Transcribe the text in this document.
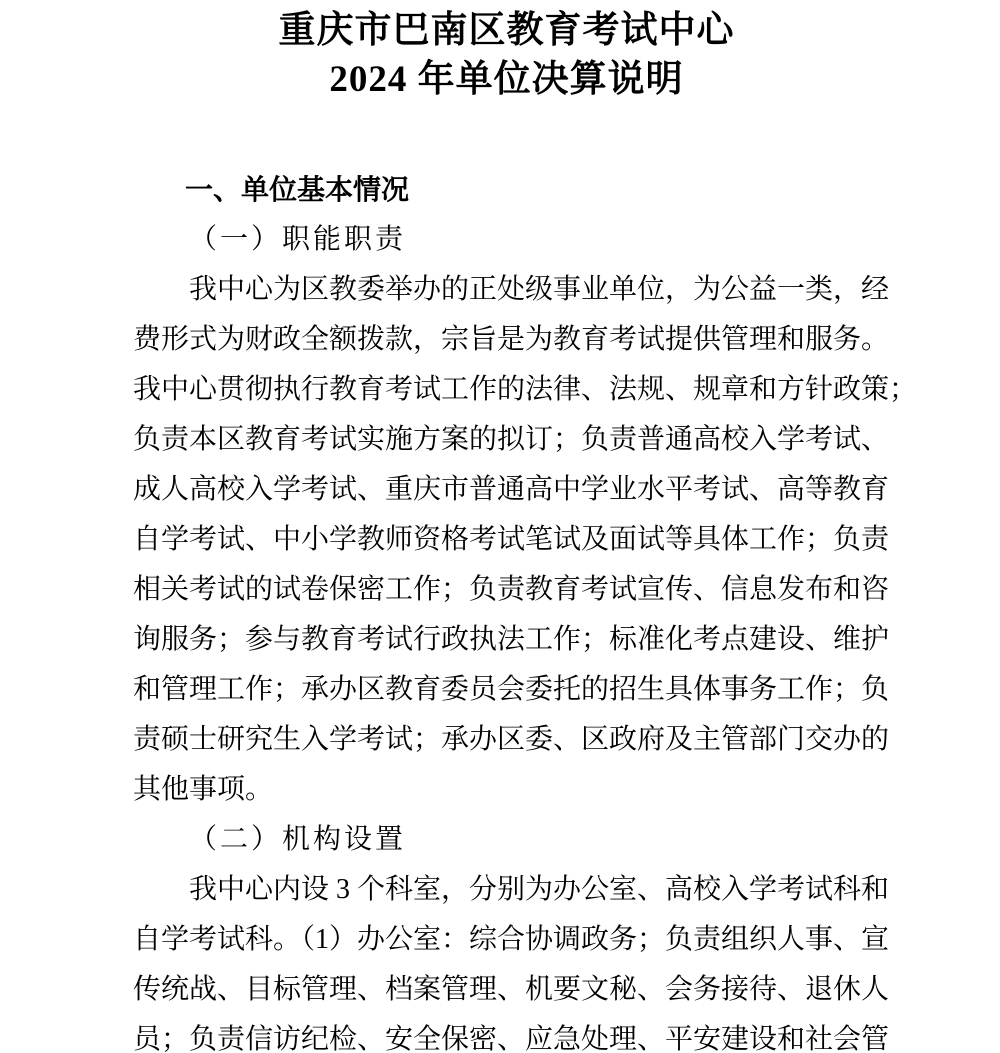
重庆市巴南区教育考试中心
2024 年单位决算说明
一、单位基本情况
（一）职能职责
我中心为区教委举办的正处级事业单位，为公益一类，经
费形式为财政全额拨款，宗旨是为教育考试提供管理和服务。
我中心贯彻执行教育考试工作的法律、法规、规章和方针政策；
负责本区教育考试实施方案的拟订；负责普通高校入学考试、
成人高校入学考试、重庆市普通高中学业水平考试、高等教育
自学考试、中小学教师资格考试笔试及面试等具体工作；负责
相关考试的试卷保密工作；负责教育考试宣传、信息发布和咨
询服务；参与教育考试行政执法工作；标准化考点建设、维护
和管理工作；承办区教育委员会委托的招生具体事务工作；负
责硕士研究生入学考试；承办区委、区政府及主管部门交办的
其他事项。
（二）机构设置
我中心内设 3 个科室，分别为办公室、高校入学考试科和
自学考试科。（1）办公室：综合协调政务；负责组织人事、宣
传统战、目标管理、档案管理、机要文秘、会务接待、退休人
员；负责信访纪检、安全保密、应急处理、平安建设和社会管
